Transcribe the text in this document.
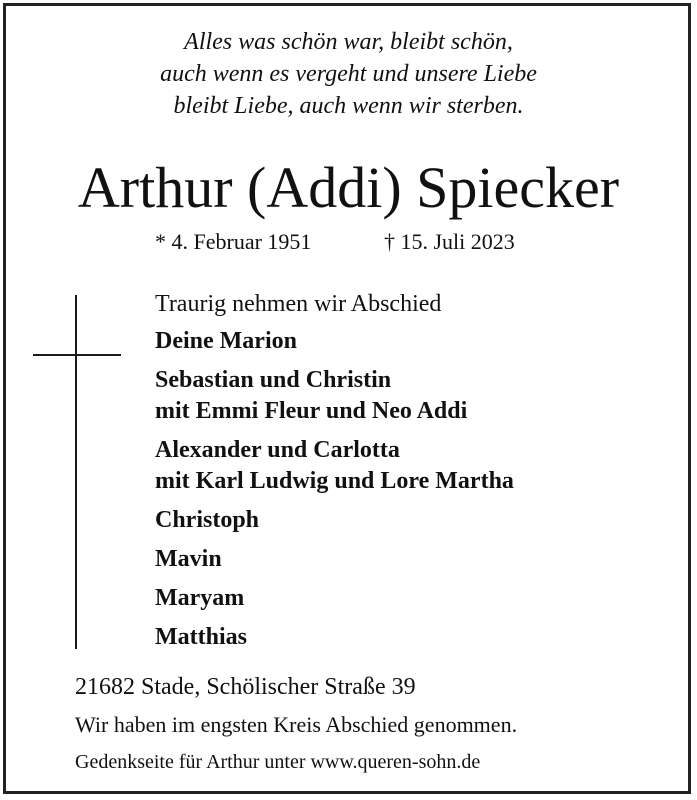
Alles was schön war, bleibt schön,
auch wenn es vergeht und unsere Liebe
bleibt Liebe, auch wenn wir sterben.
Arthur (Addi) Spiecker
* 4. Februar 1951	† 15. Juli 2023
Traurig nehmen wir Abschied
Deine Marion
Sebastian und Christin
mit Emmi Fleur und Neo Addi
Alexander und Carlotta
mit Karl Ludwig und Lore Martha
Christoph
Mavin
Maryam
Matthias
21682 Stade, Schölischer Straße 39
Wir haben im engsten Kreis Abschied genommen.
Gedenkseite für Arthur unter www.queren-sohn.de
